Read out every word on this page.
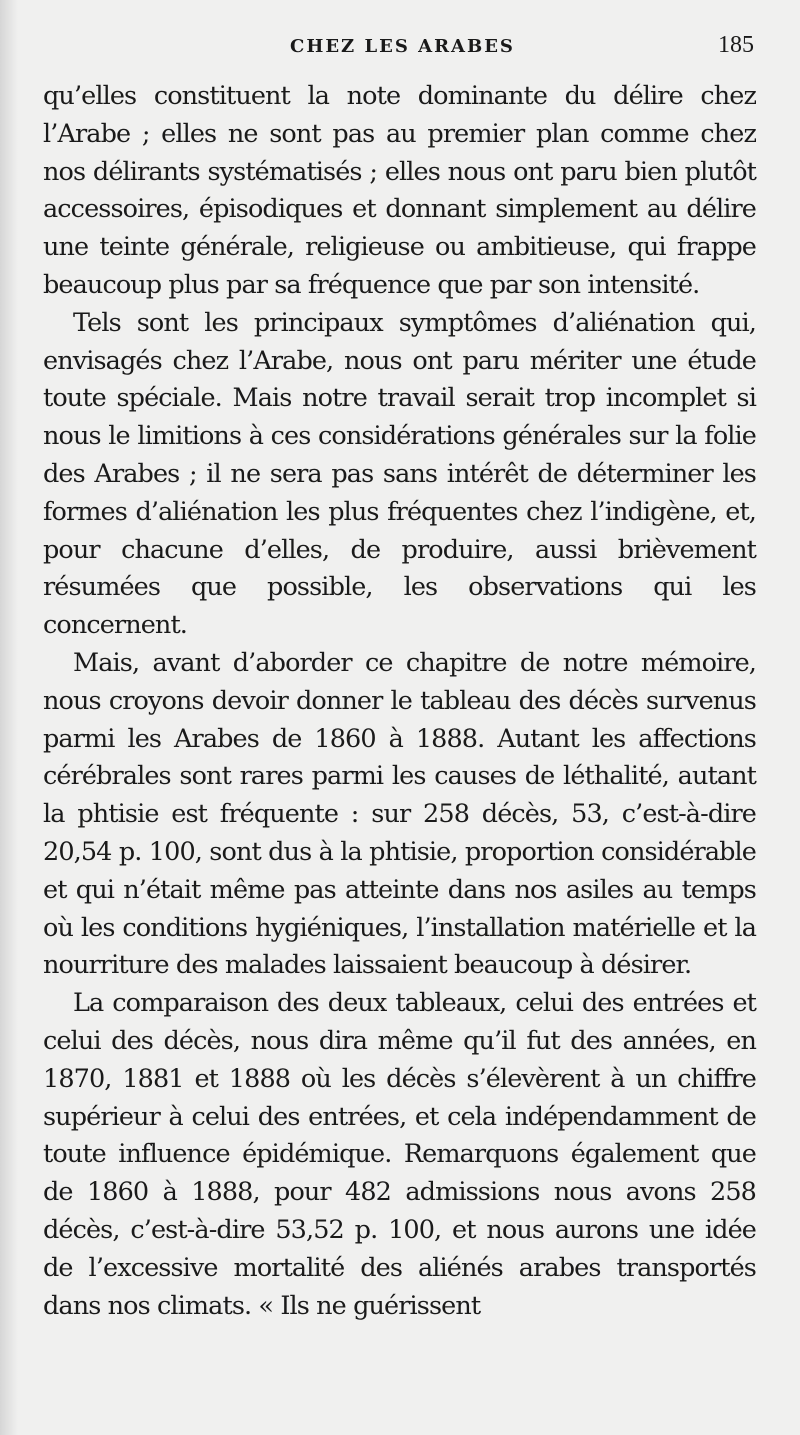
CHEZ LES ARABES	185

qu’elles constituent la note dominante du délire chez l’Arabe ; elles ne sont pas au premier plan comme chez nos délirants systématisés ; elles nous ont paru bien plutôt accessoires, épisodiques et donnant simplement au délire une teinte générale, religieuse ou ambitieuse, qui frappe beaucoup plus par sa fréquence que par son intensité.

Tels sont les principaux symptômes d’aliénation qui, envisagés chez l’Arabe, nous ont paru mériter une étude toute spéciale. Mais notre travail serait trop incomplet si nous le limitions à ces considérations générales sur la folie des Arabes ; il ne sera pas sans intérêt de déterminer les formes d’aliénation les plus fréquentes chez l’indigène, et, pour chacune d’elles, de produire, aussi brièvement résumées que possible, les observations qui les concernent.

Mais, avant d’aborder ce chapitre de notre mémoire, nous croyons devoir donner le tableau des décès survenus parmi les Arabes de 1860 à 1888. Autant les affections cérébrales sont rares parmi les causes de léthalité, autant la phtisie est fréquente : sur 258 décès, 53, c’est-à-dire 20,54 p. 100, sont dus à la phtisie, proportion considérable et qui n’était même pas atteinte dans nos asiles au temps où les conditions hygiéniques, l’installation matérielle et la nourriture des malades laissaient beaucoup à désirer.

La comparaison des deux tableaux, celui des entrées et celui des décès, nous dira même qu’il fut des années, en 1870, 1881 et 1888 où les décès s’élevèrent à un chiffre supérieur à celui des entrées, et cela indépendamment de toute influence épidémique. Remarquons également que de 1860 à 1888, pour 482 admissions nous avons 258 décès, c’est-à-dire 53,52 p. 100, et nous aurons une idée de l’excessive mortalité des aliénés arabes transportés dans nos climats. « Ils ne guérissent
